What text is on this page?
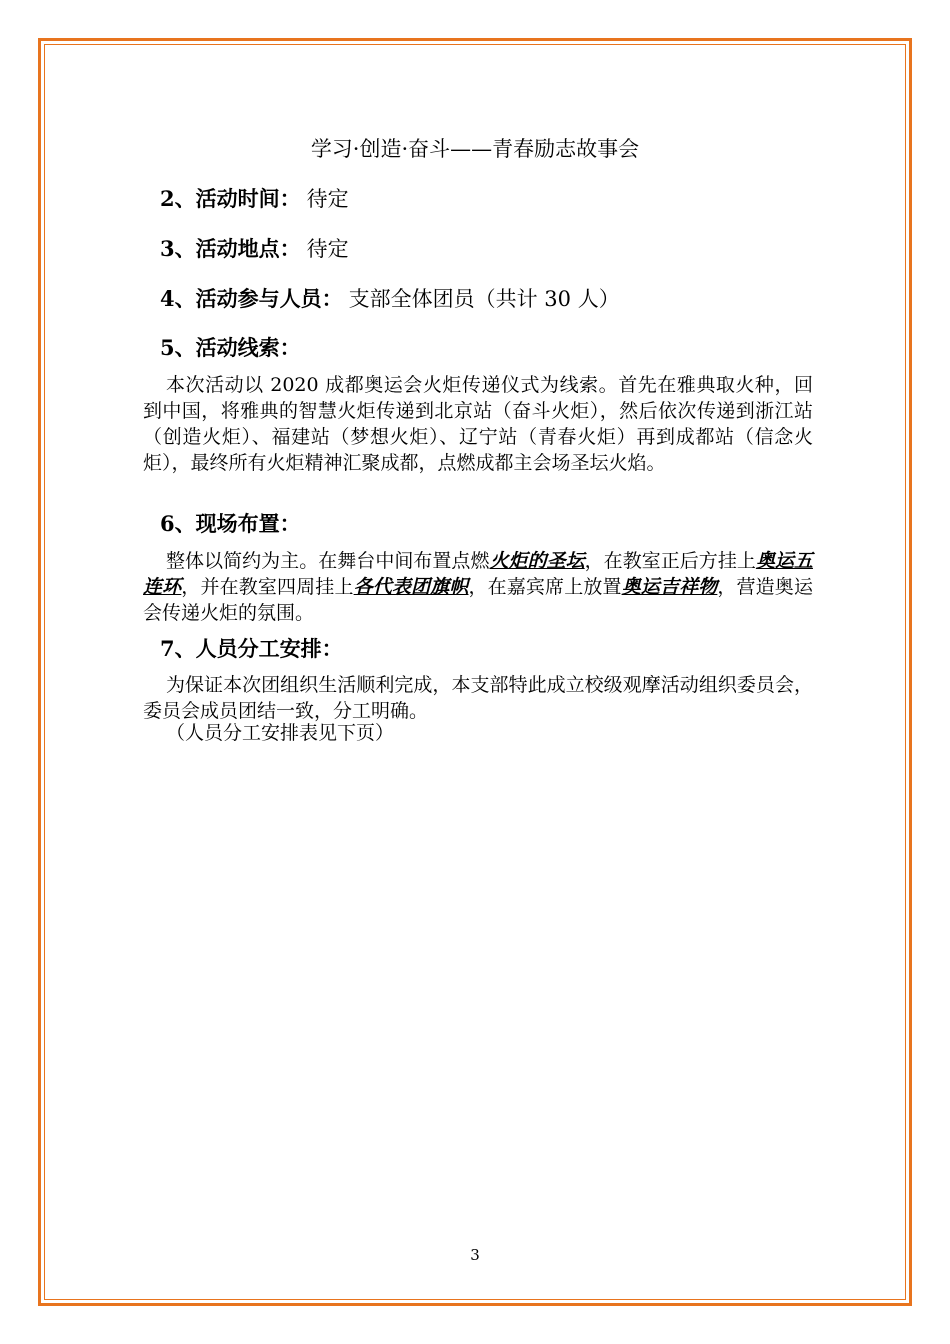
学习·创造·奋斗——青春励志故事会
2、活动时间： 待定
3、活动地点： 待定
4、活动参与人员： 支部全体团员（共计 30 人）
5、活动线索：
本次活动以 2020 成都奥运会火炬传递仪式为线索。首先在雅典取火种，回到中国，将雅典的智慧火炬传递到北京站（奋斗火炬），然后依次传递到浙江站（创造火炬）、福建站（梦想火炬）、辽宁站（青春火炬）再到成都站（信念火炬），最终所有火炬精神汇聚成都，点燃成都主会场圣坛火焰。
6、现场布置：
整体以简约为主。在舞台中间布置点燃火炬的圣坛，在教室正后方挂上奥运五连环，并在教室四周挂上各代表团旗帜，在嘉宾席上放置奥运吉祥物，营造奥运会传递火炬的氛围。
7、人员分工安排：
为保证本次团组织生活顺利完成，本支部特此成立校级观摩活动组织委员会，委员会成员团结一致，分工明确。
（人员分工安排表见下页）
3
